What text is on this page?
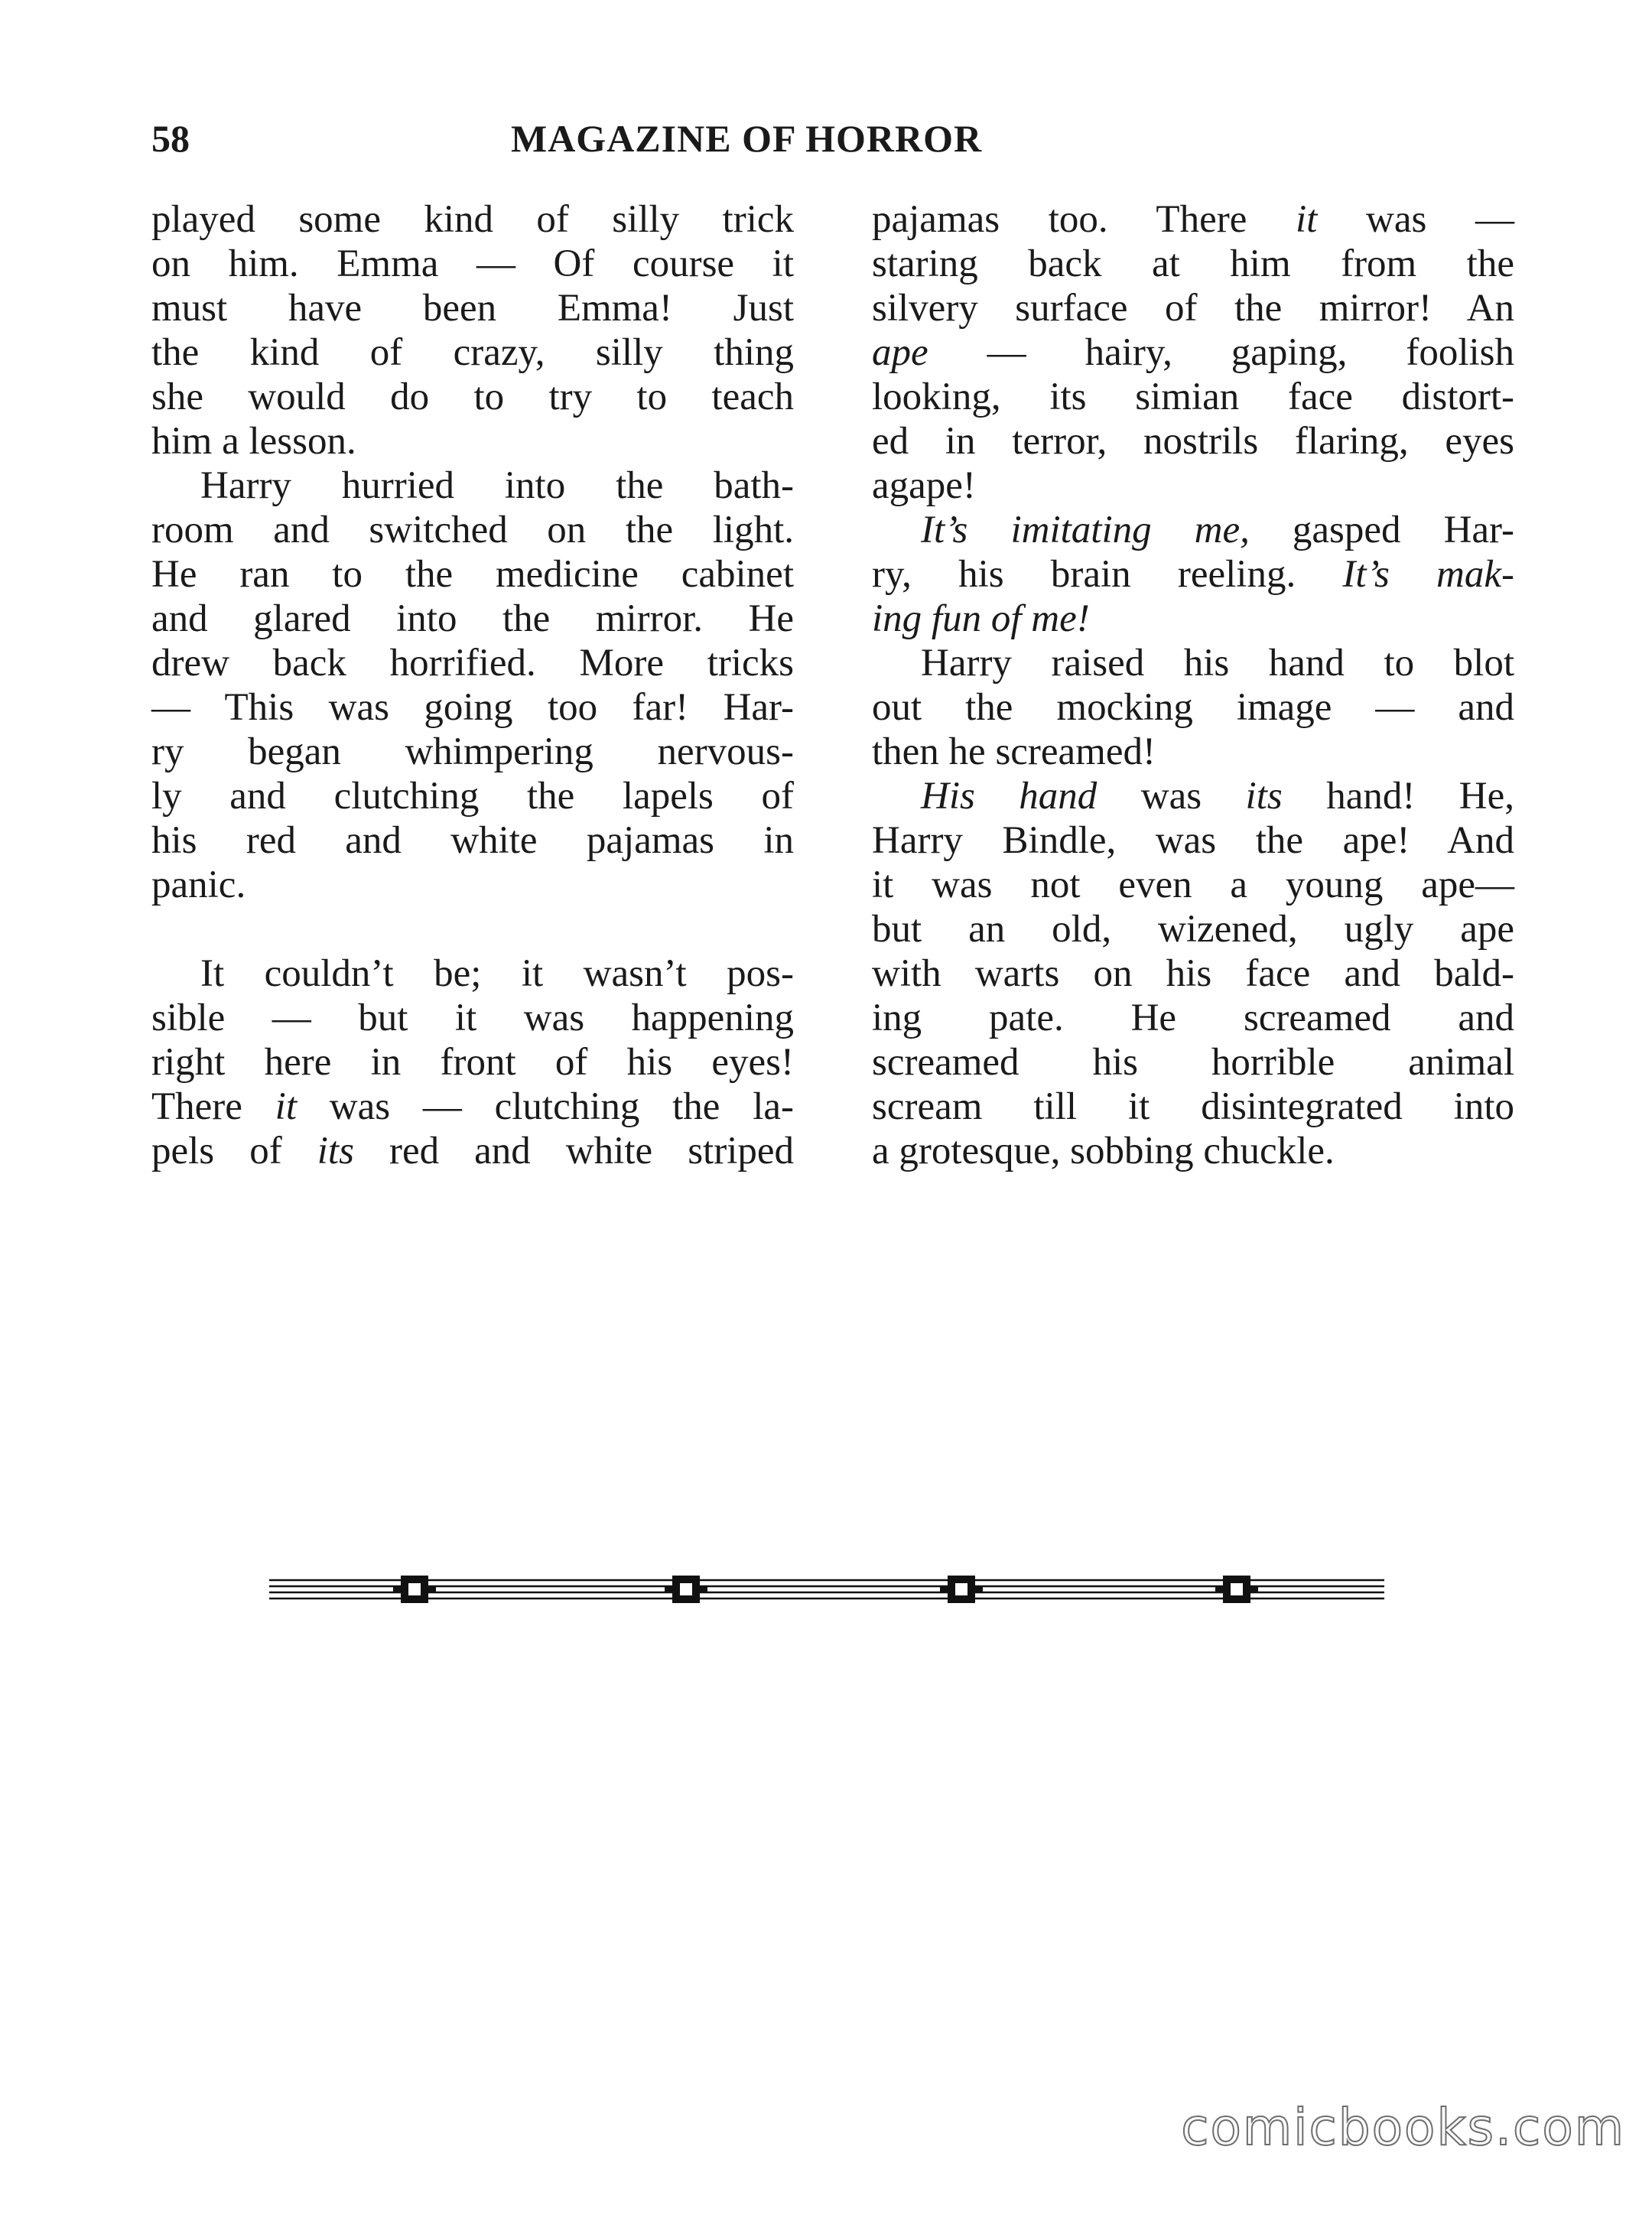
58	MAGAZINE OF HORROR
played some kind of silly trick
on him. Emma — Of course it
must have been Emma! Just
the kind of crazy, silly thing
she would do to try to teach
him a lesson.
Harry hurried into the bath-
room and switched on the light.
He ran to the medicine cabinet
and glared into the mirror. He
drew back horrified. More tricks
— This was going too far! Har-
ry began whimpering nervous-
ly and clutching the lapels of
his red and white pajamas in
panic.
It couldn’t be; it wasn’t pos-
sible — but it was happening
right here in front of his eyes!
There it was — clutching the la-
pels of its red and white striped
pajamas too. There it was —
staring back at him from the
silvery surface of the mirror! An
ape — hairy, gaping, foolish
looking, its simian face distort-
ed in terror, nostrils flaring, eyes
agape!
It’s imitating me, gasped Har-
ry, his brain reeling. It’s mak-
ing fun of me!
Harry raised his hand to blot
out the mocking image — and
then he screamed!
His hand was its hand! He,
Harry Bindle, was the ape! And
it was not even a young ape—
but an old, wizened, ugly ape
with warts on his face and bald-
ing pate. He screamed and
screamed his horrible animal
scream till it disintegrated into
a grotesque, sobbing chuckle.
comicbooks.com
